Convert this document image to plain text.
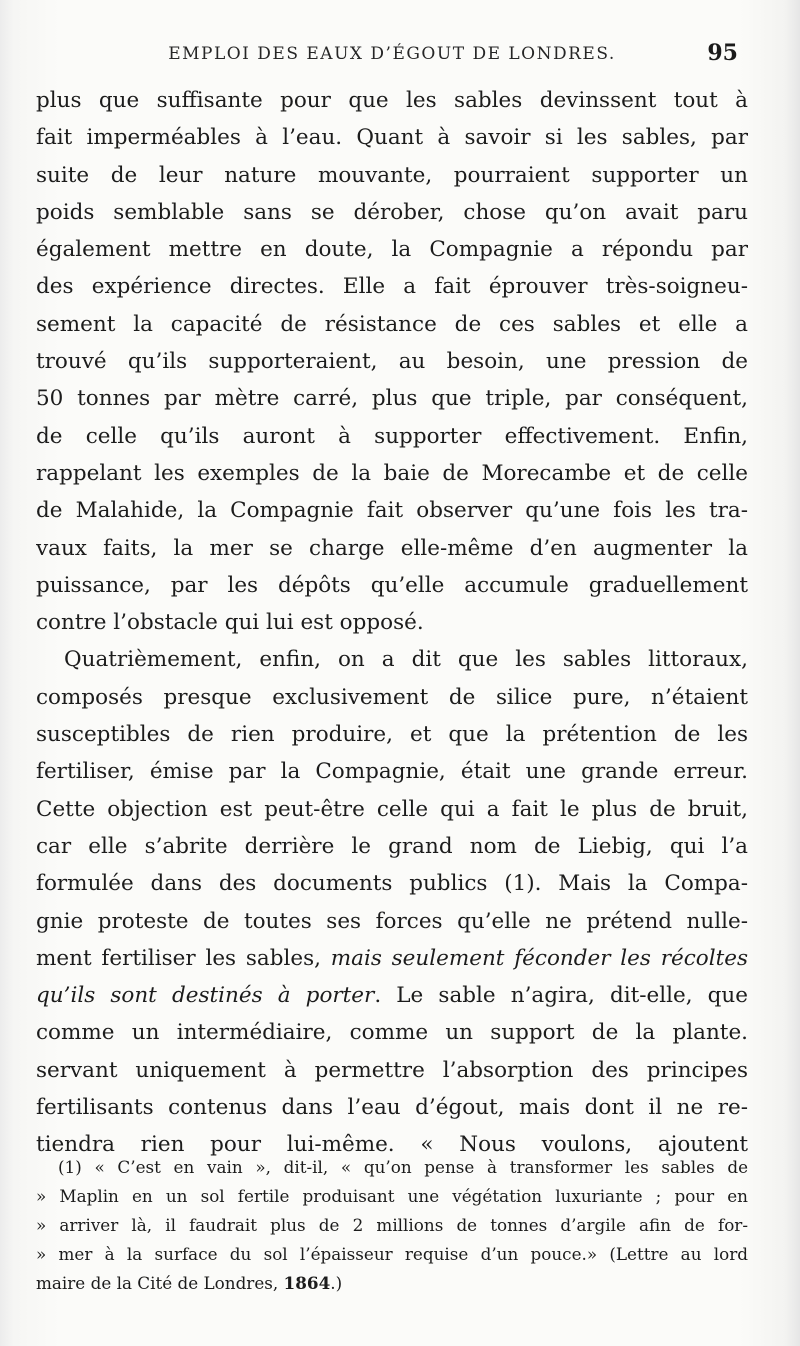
EMPLOI DES EAUX D’ÉGOUT DE LONDRES.	95
plus que suffisante pour que les sables devinssent tout à
fait imperméables à l’eau. Quant à savoir si les sables, par
suite de leur nature mouvante, pourraient supporter un
poids semblable sans se dérober, chose qu’on avait paru
également mettre en doute, la Compagnie a répondu par
des expérience directes. Elle a fait éprouver très-soigneu-
sement la capacité de résistance de ces sables et elle a
trouvé qu’ils supporteraient, au besoin, une pression de
50 tonnes par mètre carré, plus que triple, par conséquent,
de celle qu’ils auront à supporter effectivement. Enfin,
rappelant les exemples de la baie de Morecambe et de celle
de Malahide, la Compagnie fait observer qu’une fois les tra-
vaux faits, la mer se charge elle-même d’en augmenter la
puissance, par les dépôts qu’elle accumule graduellement
contre l’obstacle qui lui est opposé.
Quatrièmement, enfin, on a dit que les sables littoraux,
composés presque exclusivement de silice pure, n’étaient
susceptibles de rien produire, et que la prétention de les
fertiliser, émise par la Compagnie, était une grande erreur.
Cette objection est peut-être celle qui a fait le plus de bruit,
car elle s’abrite derrière le grand nom de Liebig, qui l’a
formulée dans des documents publics (1). Mais la Compa-
gnie proteste de toutes ses forces qu’elle ne prétend nulle-
ment fertiliser les sables, mais seulement féconder les récoltes
qu’ils sont destinés à porter. Le sable n’agira, dit-elle, que
comme un intermédiaire, comme un support de la plante.
servant uniquement à permettre l’absorption des principes
fertilisants contenus dans l’eau d’égout, mais dont il ne re-
tiendra rien pour lui-même. « Nous voulons, ajoutent
(1) « C’est en vain », dit-il, « qu’on pense à transformer les sables de
» Maplin en un sol fertile produisant une végétation luxuriante ; pour en
» arriver là, il faudrait plus de 2 millions de tonnes d’argile afin de for-
» mer à la surface du sol l’épaisseur requise d’un pouce.» (Lettre au lord
maire de la Cité de Londres, 1864.)
